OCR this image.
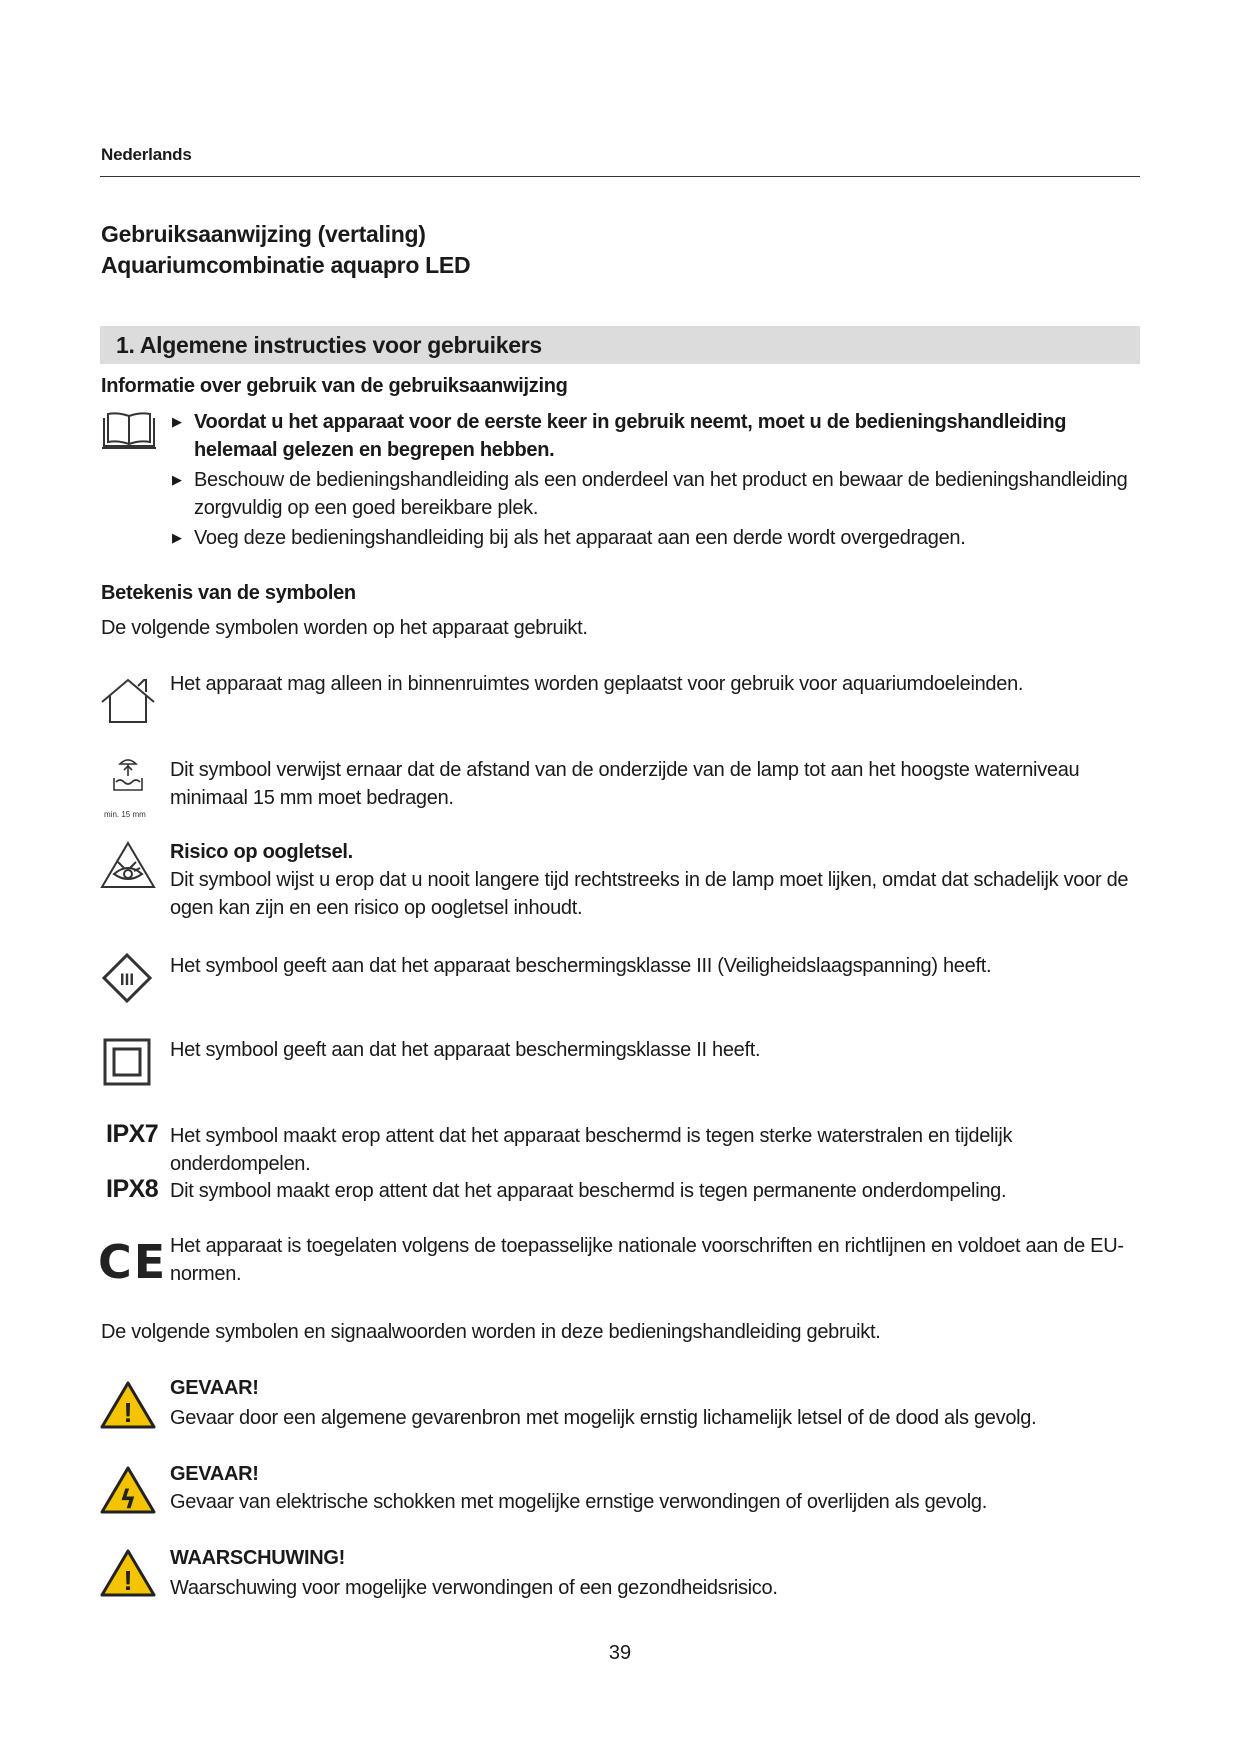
Nederlands
Gebruiksaanwijzing (vertaling)
Aquariumcombinatie aquapro LED
1. Algemene instructies voor gebruikers
Informatie over gebruik van de gebruiksaanwijzing
▶ Voordat u het apparaat voor de eerste keer in gebruik neemt, moet u de bedieningshandleiding helemaal gelezen en begrepen hebben.
▶ Beschouw de bedieningshandleiding als een onderdeel van het product en bewaar de bedieningshandleiding zorgvuldig op een goed bereikbare plek.
▶ Voeg deze bedieningshandleiding bij als het apparaat aan een derde wordt overgedragen.
Betekenis van de symbolen
De volgende symbolen worden op het apparaat gebruikt.
Het apparaat mag alleen in binnenruimtes worden geplaatst voor gebruik voor aquariumdoeleinden.
min. 15 mm
Dit symbool verwijst ernaar dat de afstand van de onderzijde van de lamp tot aan het hoogste waterniveau minimaal 15 mm moet bedragen.
Risico op oogletsel.
Dit symbool wijst u erop dat u nooit langere tijd rechtstreeks in de lamp moet lijken, omdat dat schadelijk voor de ogen kan zijn en een risico op oogletsel inhoudt.
III
Het symbool geeft aan dat het apparaat beschermingsklasse III (Veiligheidslaagspanning) heeft.
Het symbool geeft aan dat het apparaat beschermingsklasse II heeft.
IPX7 Het symbool maakt erop attent dat het apparaat beschermd is tegen sterke waterstralen en tijdelijk onderdompelen.
IPX8 Dit symbool maakt erop attent dat het apparaat beschermd is tegen permanente onderdompeling.
CE Het apparaat is toegelaten volgens de toepasselijke nationale voorschriften en richtlijnen en voldoet aan de EU-normen.
De volgende symbolen en signaalwoorden worden in deze bedieningshandleiding gebruikt.
!
GEVAAR!
Gevaar door een algemene gevarenbron met mogelijk ernstig lichamelijk letsel of de dood als gevolg.
ϟ
GEVAAR!
Gevaar van elektrische schokken met mogelijke ernstige verwondingen of overlijden als gevolg.
!
WAARSCHUWING!
Waarschuwing voor mogelijke verwondingen of een gezondheidsrisico.
39
